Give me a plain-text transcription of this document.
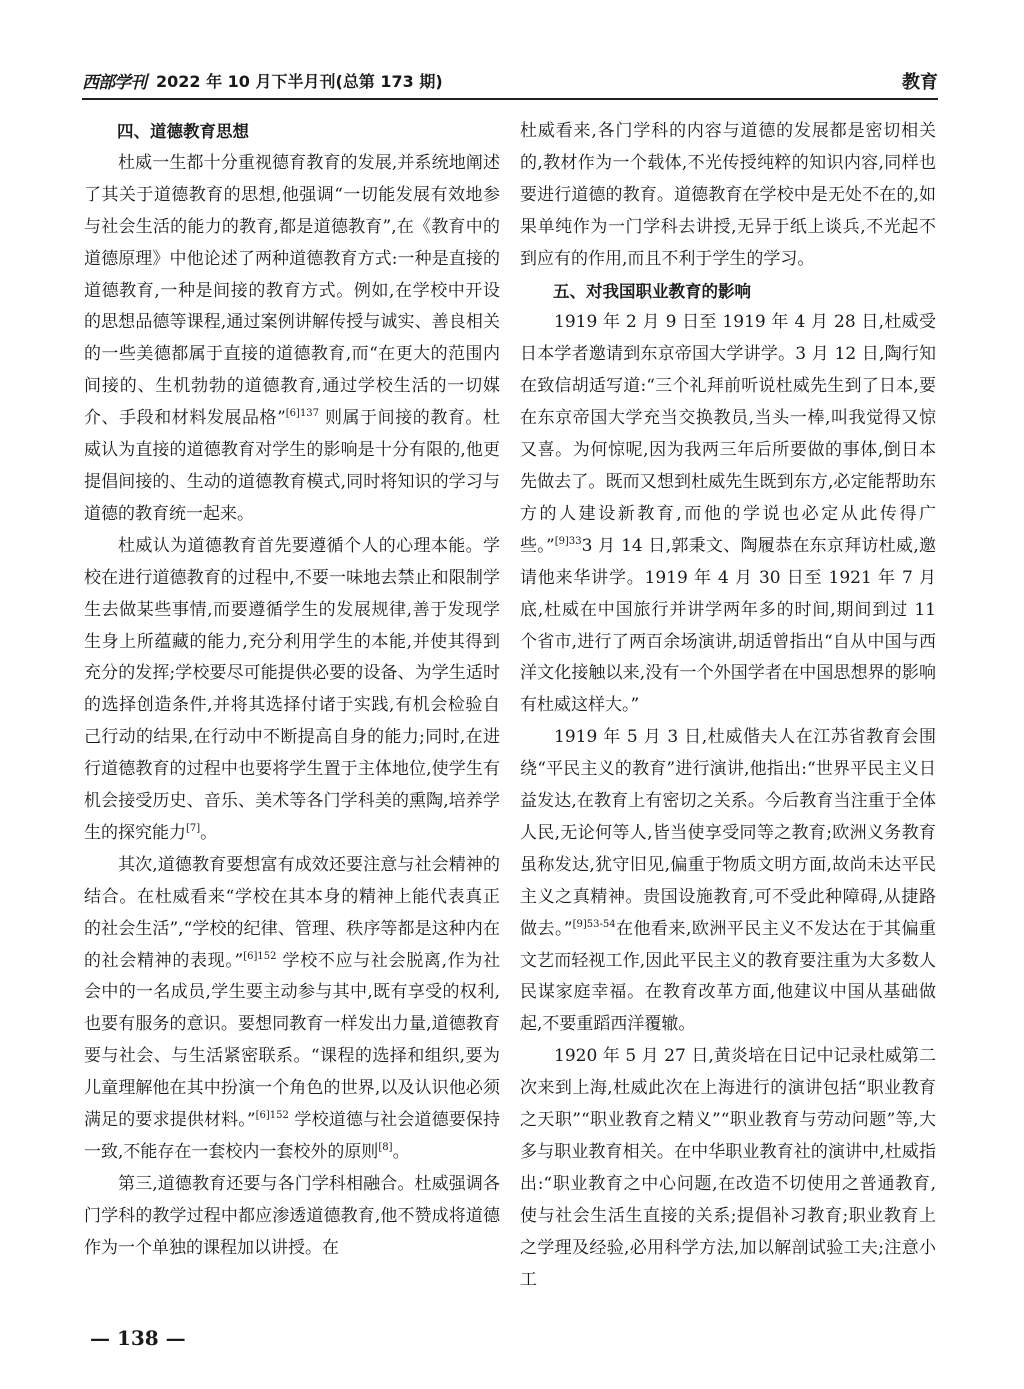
西部学刊 2022 年 10 月下半月刊(总第 173 期)	教育
四、道德教育思想

杜威一生都十分重视德育教育的发展,并系统地阐述了其关于道德教育的思想,他强调“一切能发展有效地参与社会生活的能力的教育,都是道德教育”,在《教育中的道德原理》中他论述了两种道德教育方式:一种是直接的道德教育,一种是间接的教育方式。例如,在学校中开设的思想品德等课程,通过案例讲解传授与诚实、善良相关的一些美德都属于直接的道德教育,而“在更大的范围内间接的、生机勃勃的道德教育,通过学校生活的一切媒介、手段和材料发展品格”$^{[6]137}$ 则属于间接的教育。杜威认为直接的道德教育对学生的影响是十分有限的,他更提倡间接的、生动的道德教育模式,同时将知识的学习与道德的教育统一起来。

杜威认为道德教育首先要遵循个人的心理本能。学校在进行道德教育的过程中,不要一味地去禁止和限制学生去做某些事情,而要遵循学生的发展规律,善于发现学生身上所蕴藏的能力,充分利用学生的本能,并使其得到充分的发挥;学校要尽可能提供必要的设备、为学生适时的选择创造条件,并将其选择付诸于实践,有机会检验自己行动的结果,在行动中不断提高自身的能力;同时,在进行道德教育的过程中也要将学生置于主体地位,使学生有机会接受历史、音乐、美术等各门学科美的熏陶,培养学生的探究能力[7]。

其次,道德教育要想富有成效还要注意与社会精神的结合。在杜威看来“学校在其本身的精神上能代表真正的社会生活”,“学校的纪律、管理、秩序等都是这种内在的社会精神的表现。”$^{[6]152}$ 学校不应与社会脱离,作为社会中的一名成员,学生要主动参与其中,既有享受的权利,也要有服务的意识。要想同教育一样发出力量,道德教育要与社会、与生活紧密联系。“课程的选择和组织,要为儿童理解他在其中扮演一个角色的世界,以及认识他必须满足的要求提供材料。”$^{[6]152}$ 学校道德与社会道德要保持一致,不能存在一套校内一套校外的原则[8]。

第三,道德教育还要与各门学科相融合。杜威强调各门学科的教学过程中都应渗透道德教育,他不赞成将道德作为一个单独的课程加以讲授。在

杜威看来,各门学科的内容与道德的发展都是密切相关的,教材作为一个载体,不光传授纯粹的知识内容,同样也要进行道德的教育。道德教育在学校中是无处不在的,如果单纯作为一门学科去讲授,无异于纸上谈兵,不光起不到应有的作用,而且不利于学生的学习。

五、对我国职业教育的影响

1919 年 2 月 9 日至 1919 年 4 月 28 日,杜威受日本学者邀请到东京帝国大学讲学。3 月 12 日,陶行知在致信胡适写道:“三个礼拜前听说杜威先生到了日本,要在东京帝国大学充当交换教员,当头一棒,叫我觉得又惊又喜。为何惊呢,因为我两三年后所要做的事体,倒日本先做去了。既而又想到杜威先生既到东方,必定能帮助东方的人建设新教育,而他的学说也必定从此传得广些。”$^{[9]33}$3 月 14 日,郭秉文、陶履恭在东京拜访杜威,邀请他来华讲学。1919 年 4 月 30 日至 1921 年 7 月底,杜威在中国旅行并讲学两年多的时间,期间到过 11 个省市,进行了两百余场演讲,胡适曾指出“自从中国与西洋文化接触以来,没有一个外国学者在中国思想界的影响有杜威这样大。”

1919 年 5 月 3 日,杜威偕夫人在江苏省教育会围绕“平民主义的教育”进行演讲,他指出:“世界平民主义日益发达,在教育上有密切之关系。今后教育当注重于全体人民,无论何等人,皆当使享受同等之教育;欧洲义务教育虽称发达,犹守旧见,偏重于物质文明方面,故尚未达平民主义之真精神。贵国设施教育,可不受此种障碍,从捷路做去。”$^{[9]53-54}$在他看来,欧洲平民主义不发达在于其偏重文艺而轻视工作,因此平民主义的教育要注重为大多数人民谋家庭幸福。在教育改革方面,他建议中国从基础做起,不要重蹈西洋覆辙。

1920 年 5 月 27 日,黄炎培在日记中记录杜威第二次来到上海,杜威此次在上海进行的演讲包括“职业教育之天职”“职业教育之精义”“职业教育与劳动问题”等,大多与职业教育相关。在中华职业教育社的演讲中,杜威指出:“职业教育之中心问题,在改造不切使用之普通教育,使与社会生活生直接的关系;提倡补习教育;职业教育上之学理及经验,必用科学方法,加以解剖试验工夫;注意小工

— 138 —
